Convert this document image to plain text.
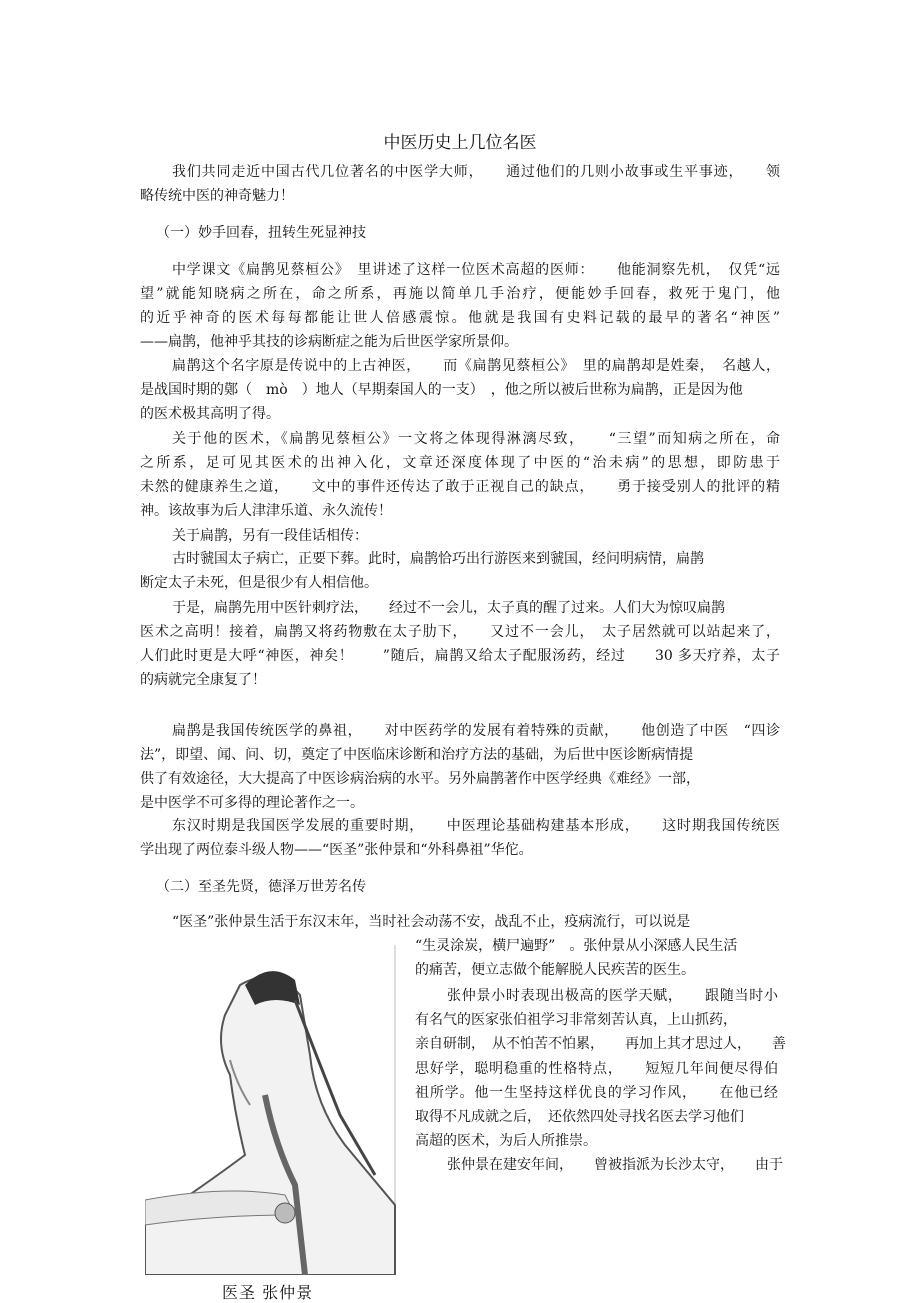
中医历史上几位名医
我们共同走近中国古代几位著名的中医学大师，　　通过他们的几则小故事或生平事迹，　　领
略传统中医的神奇魅力！
（一）妙手回春，扭转生死显神技
中学课文《扁鹊见蔡桓公》　里讲述了这样一位医术高超的医师：　　他能洞察先机，　仅凭“远
望”就能知晓病之所在，命之所系，再施以简单几手治疗，便能妙手回春，救死于鬼门，他
的近乎神奇的医术每每都能让世人倍感震惊。他就是我国有史料记载的最早的著名“神医”
——扁鹊，他神乎其技的诊病断症之能为后世医学家所景仰。
扁鹊这个名字原是传说中的上古神医，　　而《扁鹊见蔡桓公》　里的扁鹊却是姓秦，　名越人，
是战国时期的鄚（　mò　）地人（早期秦国人的一支）　，他之所以被后世称为扁鹊，正是因为他
的医术极其高明了得。
关于他的医术，《扁鹊见蔡桓公》一文将之体现得淋漓尽致，　　“三望”而知病之所在，命
之所系，足可见其医术的出神入化，文章还深度体现了中医的“治未病”的思想，即防患于
未然的健康养生之道，　　文中的事件还传达了敢于正视自己的缺点，　　勇于接受别人的批评的精
神。该故事为后人津津乐道、永久流传！
关于扁鹊，另有一段佳话相传：
古时虢国太子病亡，正要下葬。此时，扁鹊恰巧出行游医来到虢国，经问明病情，扁鹊
断定太子未死，但是很少有人相信他。
于是，扁鹊先用中医针刺疗法，　　经过不一会儿，太子真的醒了过来。人们大为惊叹扁鹊
医术之高明！接着，扁鹊又将药物敷在太子肋下，　　又过不一会儿，　太子居然就可以站起来了，
人们此时更是大呼“神医，神矣！　　”随后，扁鹊又给太子配服汤药，经过　　30 多天疗养，太子
的病就完全康复了！
扁鹊是我国传统医学的鼻祖，　　对中医药学的发展有着特殊的贡献，　　他创造了中医　“四诊
法”，即望、闻、问、切，奠定了中医临床诊断和治疗方法的基础，为后世中医诊断病情提
供了有效途径，大大提高了中医诊病治病的水平。另外扁鹊著作中医学经典《难经》一部，
是中医学不可多得的理论著作之一。
东汉时期是我国医学发展的重要时期，　　中医理论基础构建基本形成，　　这时期我国传统医
学出现了两位泰斗级人物——“医圣”张仲景和“外科鼻祖”华佗。
（二）至圣先贤，德泽万世芳名传
“医圣”张仲景生活于东汉末年，当时社会动荡不安，战乱不止，疫病流行，可以说是
“生灵涂炭，横尸遍野”　。张仲景从小深感人民生活
的痛苦，便立志做个能解脱人民疾苦的医生。
张仲景小时表现出极高的医学天赋，　　跟随当时小
有名气的医家张伯祖学习非常刻苦认真，上山抓药，
亲自研制，　从不怕苦不怕累，　　再加上其才思过人，　　善
思好学，聪明稳重的性格特点，　　短短几年间便尽得伯
祖所学。他一生坚持这样优良的学习作风，　　在他已经
取得不凡成就之后，　还依然四处寻找名医去学习他们
高超的医术，为后人所推崇。
张仲景在建安年间，　　曾被指派为长沙太守，　　由于
医圣 张仲景
